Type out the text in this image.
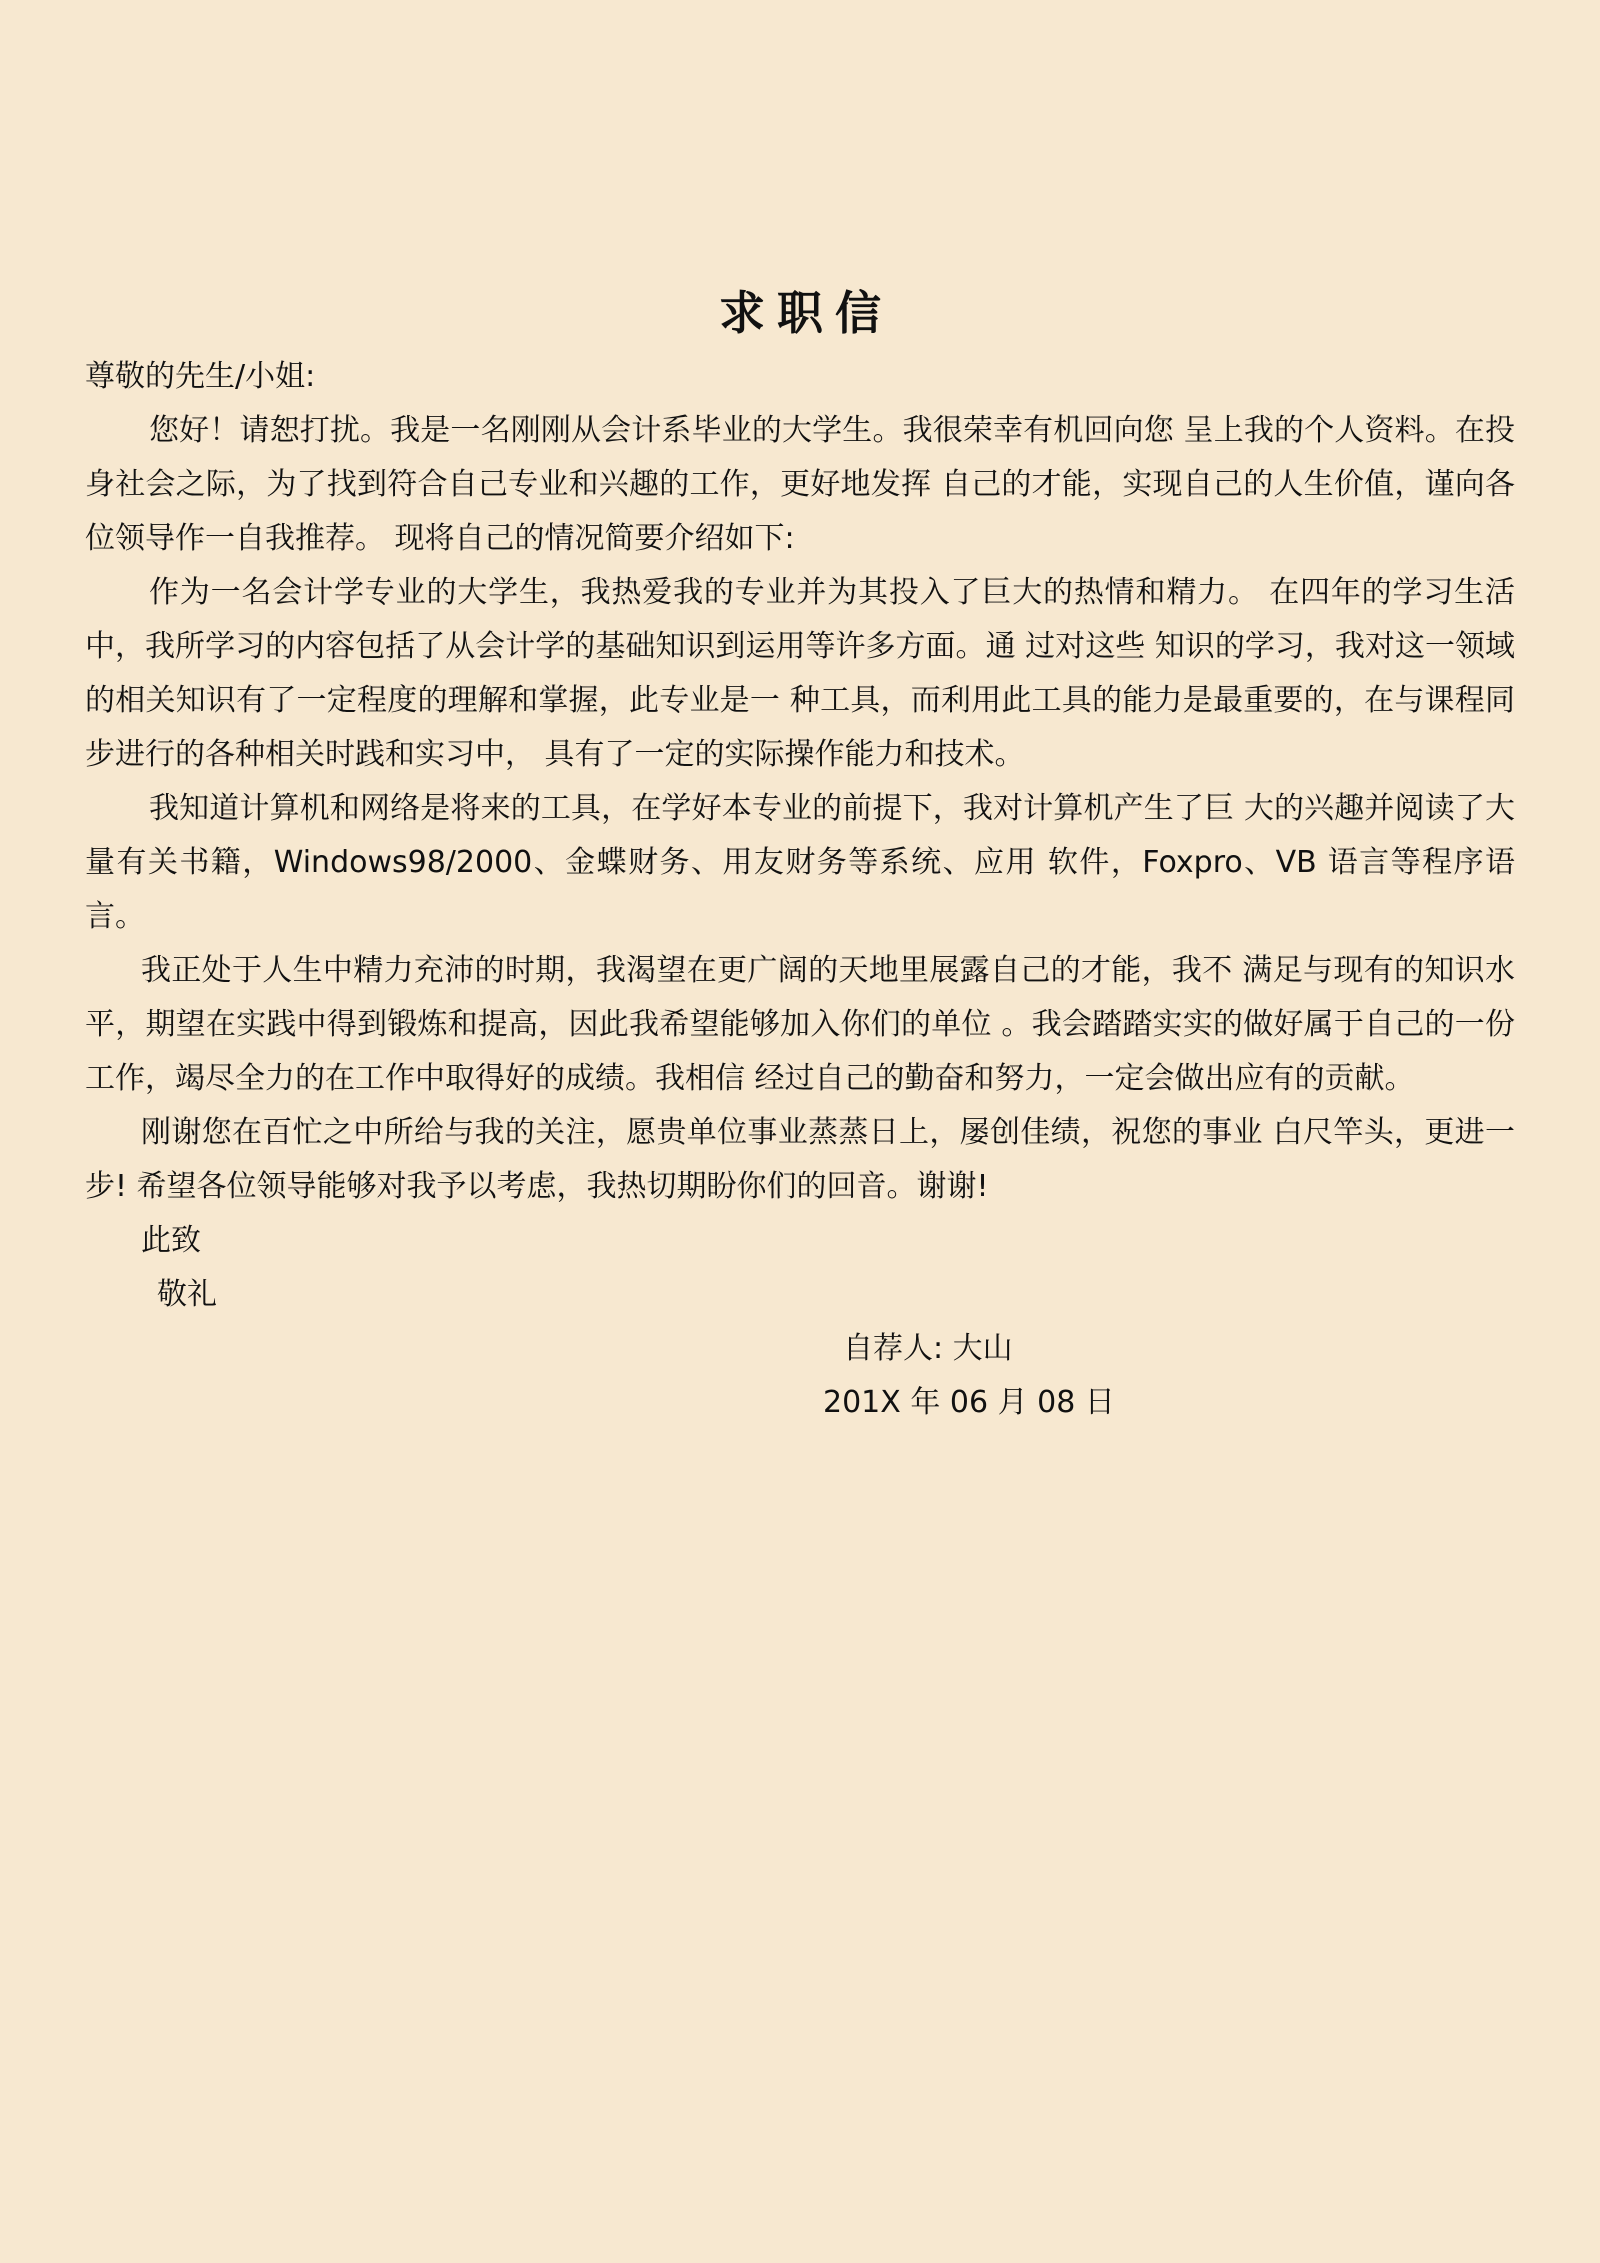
求职信

尊敬的先生/小姐:

您好！请恕打扰。我是一名刚刚从会计系毕业的大学生。我很荣幸有机回向您 呈上我的个人资料。在投身社会之际，为了找到符合自己专业和兴趣的工作，更好地发挥 自己的才能，实现自己的人生价值，谨向各位领导作一自我推荐。 现将自己的情况简要介绍如下:

作为一名会计学专业的大学生，我热爱我的专业并为其投入了巨大的热情和精力。 在四年的学习生活中，我所学习的内容包括了从会计学的基础知识到运用等许多方面。通 过对这些 知识的学习，我对这一领域的相关知识有了一定程度的理解和掌握，此专业是一 种工具，而利用此工具的能力是最重要的，在与课程同步进行的各种相关时践和实习中， 具有了一定的实际操作能力和技术。

我知道计算机和网络是将来的工具，在学好本专业的前提下，我对计算机产生了巨 大的兴趣并阅读了大量有关书籍，Windows98/2000、金蝶财务、用友财务等系统、应用 软件，Foxpro、VB 语言等程序语言。

我正处于人生中精力充沛的时期，我渴望在更广阔的天地里展露自己的才能，我不 满足与现有的知识水平，期望在实践中得到锻炼和提高，因此我希望能够加入你们的单位 。我会踏踏实实的做好属于自己的一份工作，竭尽全力的在工作中取得好的成绩。我相信 经过自己的勤奋和努力，一定会做出应有的贡献。

刚谢您在百忙之中所给与我的关注，愿贵单位事业蒸蒸日上，屡创佳绩，祝您的事业 白尺竿头，更进一步! 希望各位领导能够对我予以考虑，我热切期盼你们的回音。谢谢!

此致

敬礼

自荐人: 大山
201X 年 06 月 08 日
